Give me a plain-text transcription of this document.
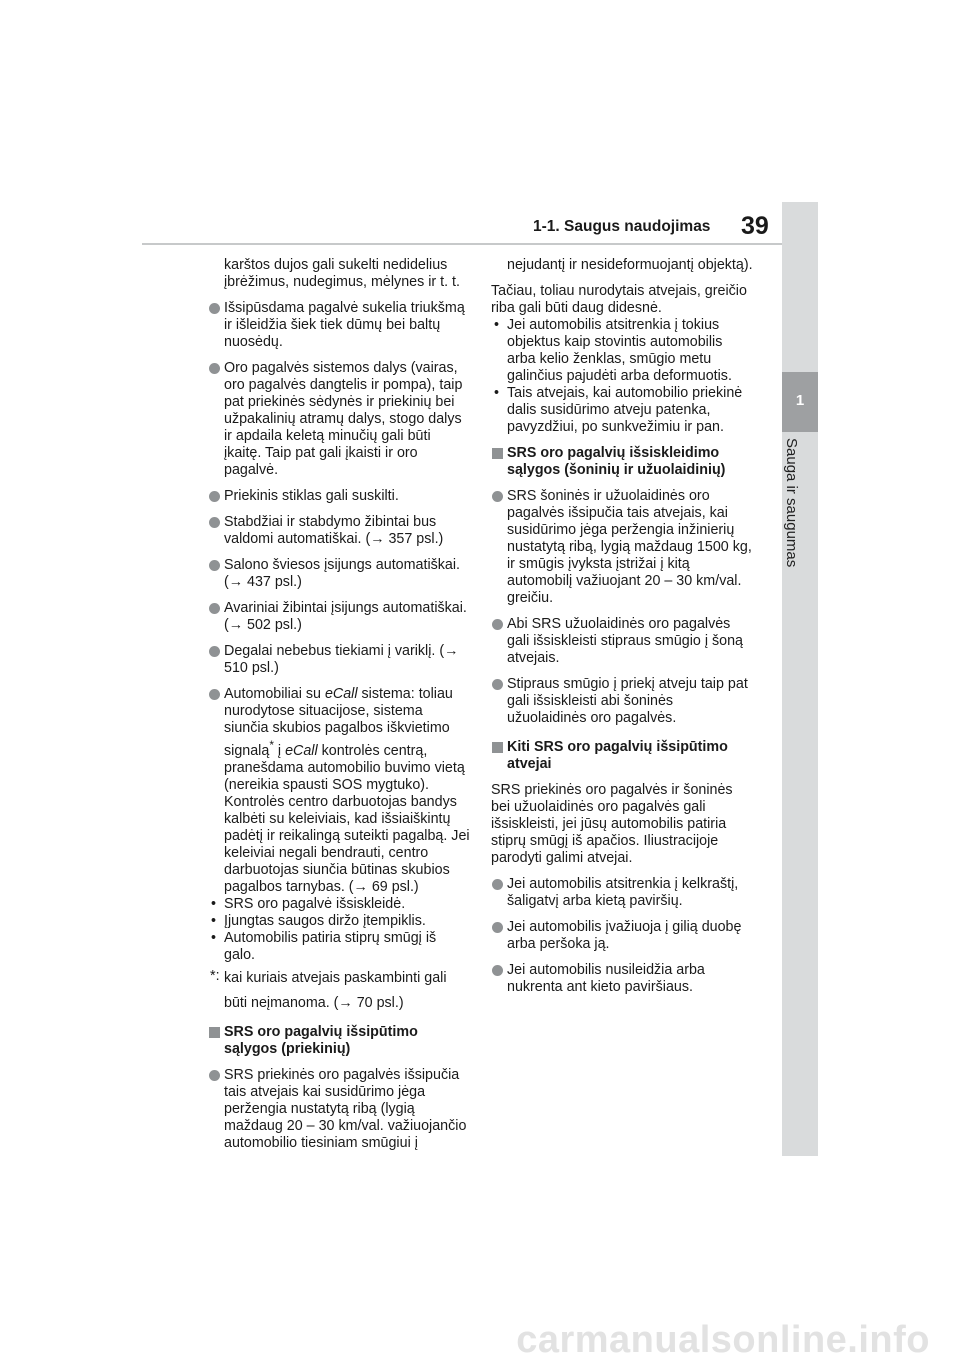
1
Sauga ir saugumas
1-1. Saugus naudojimas 39

karštos dujos gali sukelti nedidelius įbrėžimus, nudegimus, mėlynes ir t. t.

Išsipūsdama pagalvė sukelia triukšmą ir išleidžia šiek tiek dūmų bei baltų nuosėdų.
Oro pagalvės sistemos dalys (vairas, oro pagalvės dangtelis ir pompa), taip pat priekinės sėdynės ir priekinių bei užpakalinių atramų dalys, stogo dalys ir apdaila keletą minučių gali būti įkaitę. Taip pat gali įkaisti ir oro pagalvė.
Priekinis stiklas gali suskilti.
Stabdžiai ir stabdymo žibintai bus valdomi automatiškai. (→ 357 psl.)
Salono šviesos įsijungs automatiškai. (→ 437 psl.)
Avariniai žibintai įsijungs automatiškai. (→ 502 psl.)
Degalai nebebus tiekiami į variklį. (→ 510 psl.)
Automobiliai su eCall sistema: toliau nurodytose situacijose, sistema siunčia skubios pagalbos iškvietimo signalą* į eCall kontrolės centrą, pranešdama automobilio buvimo vietą (nereikia spausti SOS mygtuko). Kontrolės centro darbuotojas bandys kalbėti su keleiviais, kad išsiaiškintų padėtį ir reikalingą suteikti pagalbą. Jei keleiviai negali bendrauti, centro darbuotojas siunčia būtinas skubios pagalbos tarnybas. (→ 69 psl.)
• SRS oro pagalvė išsiskleidė.
• Įjungtas saugos diržo įtempiklis.
• Automobilis patiria stiprų smūgį iš galo.
*: kai kuriais atvejais paskambinti gali
būti neįmanoma. (→ 70 psl.)
SRS oro pagalvių išsipūtimo sąlygos (priekinių)
SRS priekinės oro pagalvės išsipučia tais atvejais kai susidūrimo jėga peržengia nustatytą ribą (lygią maždaug 20 – 30 km/val. važiuojančio automobilio tiesiniam smūgiui į

nejudantį ir nesideformuojantį objektą).

Tačiau, toliau nurodytais atvejais, greičio riba gali būti daug didesnė.

• Jei automobilis atsitrenkia į tokius objektus kaip stovintis automobilis arba kelio ženklas, smūgio metu galinčius pajudėti arba deformuotis.
• Tais atvejais, kai automobilio priekinė dalis susidūrimo atveju patenka, pavyzdžiui, po sunkvežimiu ir pan.
SRS oro pagalvių išsiskleidimo sąlygos (šoninių ir užuolaidinių)
SRS šoninės ir užuolaidinės oro pagalvės išsipučia tais atvejais, kai susidūrimo jėga peržengia inžinierių nustatytą ribą, lygią maždaug 1500 kg, ir smūgis įvyksta įstrižai į kitą automobilį važiuojant 20 – 30 km/val. greičiu.
Abi SRS užuolaidinės oro pagalvės gali išsiskleisti stipraus smūgio į šoną atvejais.
Stipraus smūgio į priekį atveju taip pat gali išsiskleisti abi šoninės užuolaidinės oro pagalvės.
Kiti SRS oro pagalvių išsipūtimo atvejai

SRS priekinės oro pagalvės ir šoninės bei užuolaidinės oro pagalvės gali išsiskleisti, jei jūsų automobilis patiria stiprų smūgį iš apačios. Iliustracijoje parodyti galimi atvejai.

Jei automobilis atsitrenkia į kelkraštį, šaligatvį arba kietą paviršių.
Jei automobilis įvažiuoja į gilią duobę arba peršoka ją.
Jei automobilis nusileidžia arba nukrenta ant kieto paviršiaus.
carmanualsonline.info
